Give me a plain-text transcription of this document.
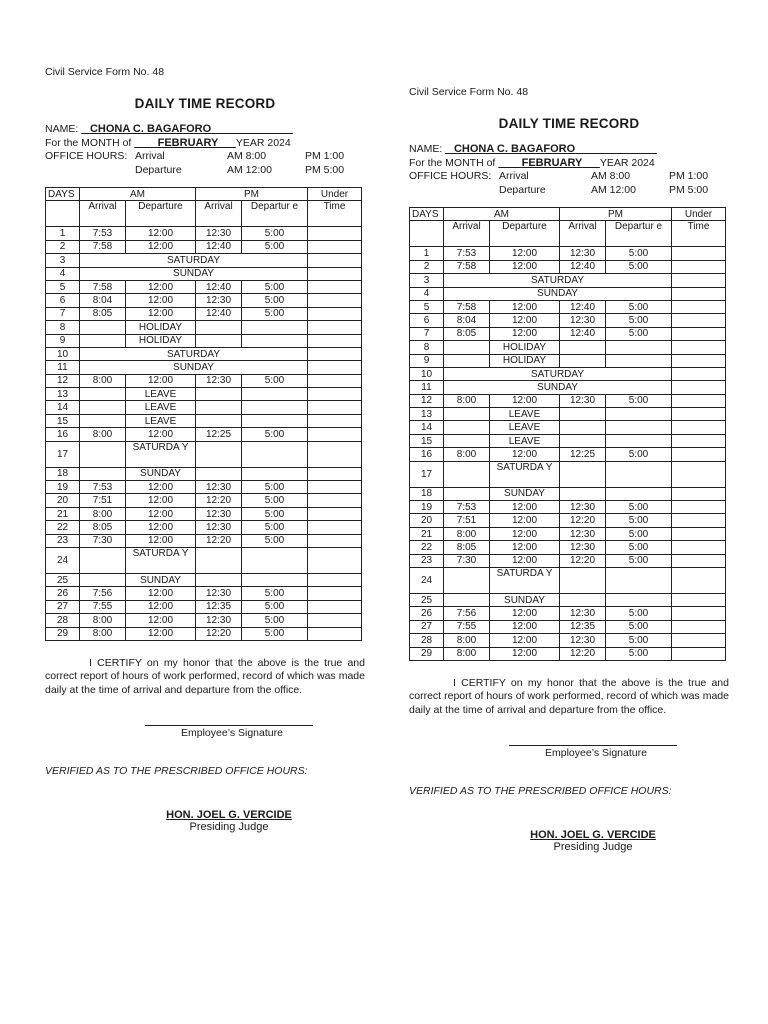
Civil Service Form No. 48

DAILY TIME RECORD
NAME: CHONA C. BAGAFORO
For the MONTH of FEBRUARY YEAR 2024
OFFICE HOURS: Arrival	AM 8:00	PM 1:00
Departure	AM 12:00	PM 5:00
DAYS	AM		PM		Under
	Arrival	Departure	Arrival	Departur e	Time
1	7:53	12:00	12:30	5:00	
2	7:58	12:00	12:40	5:00	
3	SATURDAY				
4	SUNDAY				
5	7:58	12:00	12:40	5:00	
6	8:04	12:00	12:30	5:00	
7	8:05	12:00	12:40	5:00	
8		HOLIDAY			
9		HOLIDAY			
10	SATURDAY				
11	SUNDAY				
12	8:00	12:00	12:30	5:00	
13		LEAVE			
14		LEAVE			
15		LEAVE			
16	8:00	12:00	12:25	5:00	
17		SATURDA Y			
18		SUNDAY			
19	7:53	12:00	12:30	5:00	
20	7:51	12:00	12:20	5:00	
21	8:00	12:00	12:30	5:00	
22	8:05	12:00	12:30	5:00	
23	7:30	12:00	12:20	5:00	
24		SATURDA Y			
25		SUNDAY			
26	7:56	12:00	12:30	5:00	
27	7:55	12:00	12:35	5:00	
28	8:00	12:00	12:30	5:00	
29	8:00	12:00	12:20	5:00	

I CERTIFY on my honor that the above is the true and correct report of hours of work performed, record of which was made daily at the time of arrival and departure from the office.

Employee’s Signature
VERIFIED AS TO THE PRESCRIBED OFFICE HOURS:
HON. JOEL G. VERCIDE
Presiding Judge

Civil Service Form No. 48

DAILY TIME RECORD
NAME: CHONA C. BAGAFORO
For the MONTH of FEBRUARY YEAR 2024
OFFICE HOURS: Arrival	AM 8:00	PM 1:00
Departure	AM 12:00	PM 5:00
DAYS	AM		PM		Under
	Arrival	Departure	Arrival	Departur e	Time
1	7:53	12:00	12:30	5:00	
2	7:58	12:00	12:40	5:00	
3	SATURDAY				
4	SUNDAY				
5	7:58	12:00	12:40	5:00	
6	8:04	12:00	12:30	5:00	
7	8:05	12:00	12:40	5:00	
8		HOLIDAY			
9		HOLIDAY			
10	SATURDAY				
11	SUNDAY				
12	8:00	12:00	12:30	5:00	
13		LEAVE			
14		LEAVE			
15		LEAVE			
16	8:00	12:00	12:25	5:00	
17		SATURDA Y			
18		SUNDAY			
19	7:53	12:00	12:30	5:00	
20	7:51	12:00	12:20	5:00	
21	8:00	12:00	12:30	5:00	
22	8:05	12:00	12:30	5:00	
23	7:30	12:00	12:20	5:00	
24		SATURDA Y			
25		SUNDAY			
26	7:56	12:00	12:30	5:00	
27	7:55	12:00	12:35	5:00	
28	8:00	12:00	12:30	5:00	
29	8:00	12:00	12:20	5:00	

I CERTIFY on my honor that the above is the true and correct report of hours of work performed, record of which was made daily at the time of arrival and departure from the office.

Employee’s Signature
VERIFIED AS TO THE PRESCRIBED OFFICE HOURS:
HON. JOEL G. VERCIDE
Presiding Judge
